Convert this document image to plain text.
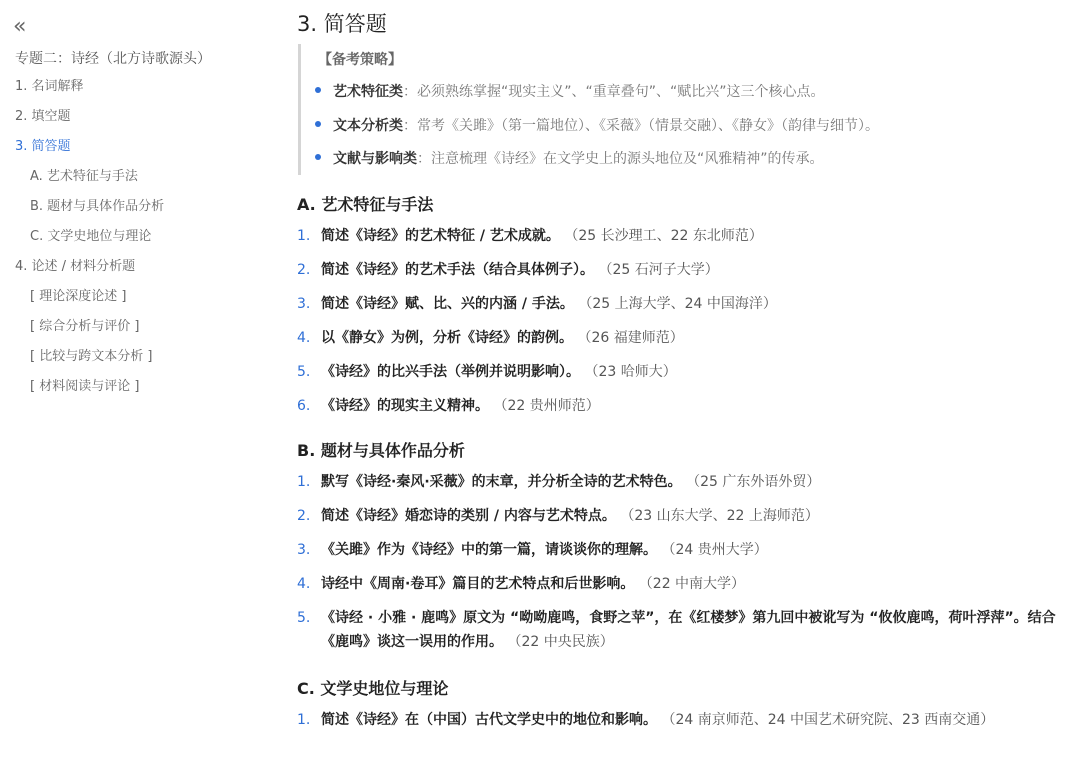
«
专题二：诗经（北方诗歌源头）
1. 名词解释
2. 填空题
3. 简答题
A. 艺术特征与手法
B. 题材与具体作品分析
C. 文学史地位与理论
4. 论述 / 材料分析题
[ 理论深度论述 ]
[ 综合分析与评价 ]
[ 比较与跨文本分析 ]
[ 材料阅读与评论 ]
3. 简答题
【备考策略】
艺术特征类：必须熟练掌握“现实主义”、“重章叠句”、“赋比兴”这三个核心点。
文本分析类：常考《关雎》（第一篇地位）、《采薇》（情景交融）、《静女》（韵律与细节）。
文献与影响类：注意梳理《诗经》在文学史上的源头地位及“风雅精神”的传承。
A. 艺术特征与手法
1. 简述《诗经》的艺术特征 / 艺术成就。 （25 长沙理工、22 东北师范）
2. 简述《诗经》的艺术手法（结合具体例子）。 （25 石河子大学）
3. 简述《诗经》赋、比、兴的内涵 / 手法。 （25 上海大学、24 中国海洋）
4. 以《静女》为例，分析《诗经》的韵例。 （26 福建师范）
5. 《诗经》的比兴手法（举例并说明影响）。 （23 哈师大）
6. 《诗经》的现实主义精神。 （22 贵州师范）
B. 题材与具体作品分析
1. 默写《诗经·秦风·采薇》的末章，并分析全诗的艺术特色。 （25 广东外语外贸）
2. 简述《诗经》婚恋诗的类别 / 内容与艺术特点。 （23 山东大学、22 上海师范）
3. 《关雎》作为《诗经》中的第一篇，请谈谈你的理解。 （24 贵州大学）
4. 诗经中《周南·卷耳》篇目的艺术特点和后世影响。 （22 中南大学）
5. 《诗经 · 小雅 · 鹿鸣》原文为 “呦呦鹿鸣，食野之苹”，在《红楼梦》第九回中被讹写为 “攸攸鹿鸣，荷叶浮萍”。结合《鹿鸣》谈这一误用的作用。 （22 中央民族）
C. 文学史地位与理论
1. 简述《诗经》在（中国）古代文学史中的地位和影响。 （24 南京师范、24 中国艺术研究院、23 西南交通）
